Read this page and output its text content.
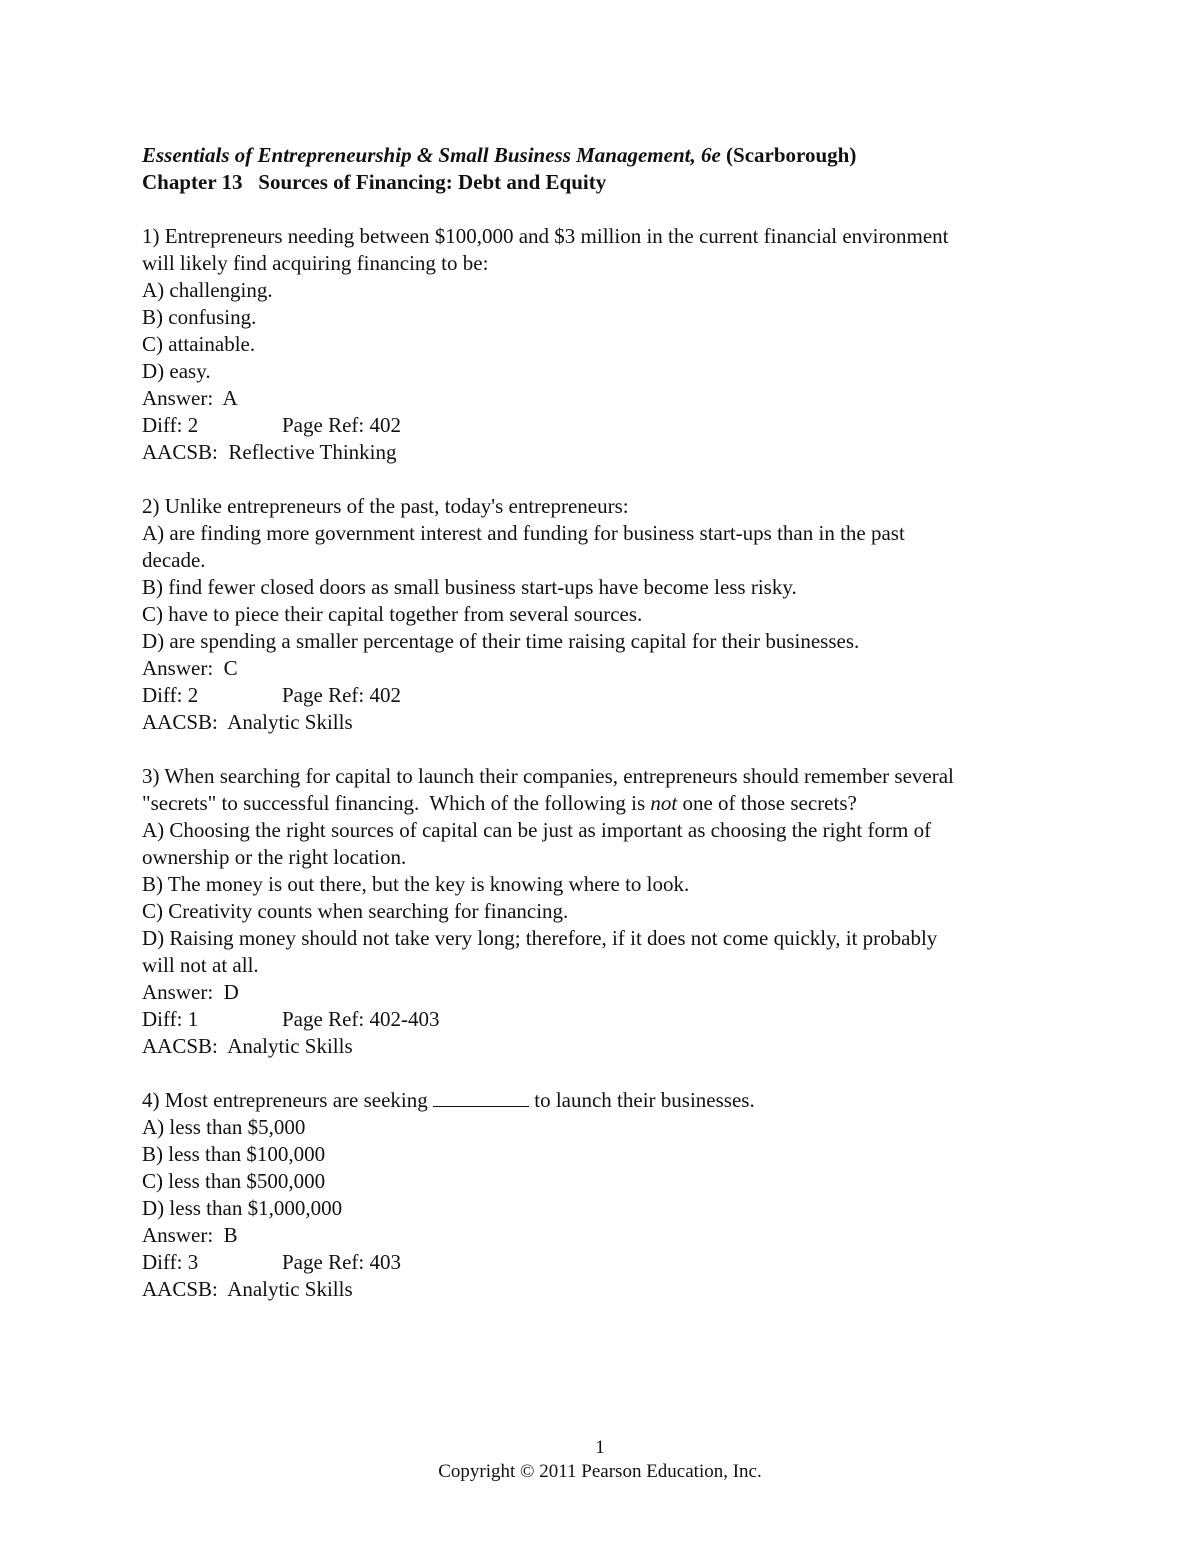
Essentials of Entrepreneurship & Small Business Management, 6e (Scarborough)
Chapter 13   Sources of Financing: Debt and Equity
1) Entrepreneurs needing between $100,000 and $3 million in the current financial environment
will likely find acquiring financing to be:
A) challenging.
B) confusing.
C) attainable.
D) easy.
Answer:  A
Diff: 2	Page Ref: 402
AACSB:  Reflective Thinking
2) Unlike entrepreneurs of the past, today's entrepreneurs:
A) are finding more government interest and funding for business start-ups than in the past
decade.
B) find fewer closed doors as small business start-ups have become less risky.
C) have to piece their capital together from several sources.
D) are spending a smaller percentage of their time raising capital for their businesses.
Answer:  C
Diff: 2	Page Ref: 402
AACSB:  Analytic Skills
3) When searching for capital to launch their companies, entrepreneurs should remember several
"secrets" to successful financing.  Which of the following is not one of those secrets?
A) Choosing the right sources of capital can be just as important as choosing the right form of
ownership or the right location.
B) The money is out there, but the key is knowing where to look.
C) Creativity counts when searching for financing.
D) Raising money should not take very long; therefore, if it does not come quickly, it probably
will not at all.
Answer:  D
Diff: 1	Page Ref: 402-403
AACSB:  Analytic Skills
4) Most entrepreneurs are seeking	to launch their businesses.
A) less than $5,000
B) less than $100,000
C) less than $500,000
D) less than $1,000,000
Answer:  B
Diff: 3	Page Ref: 403
AACSB:  Analytic Skills
1
Copyright © 2011 Pearson Education, Inc.
